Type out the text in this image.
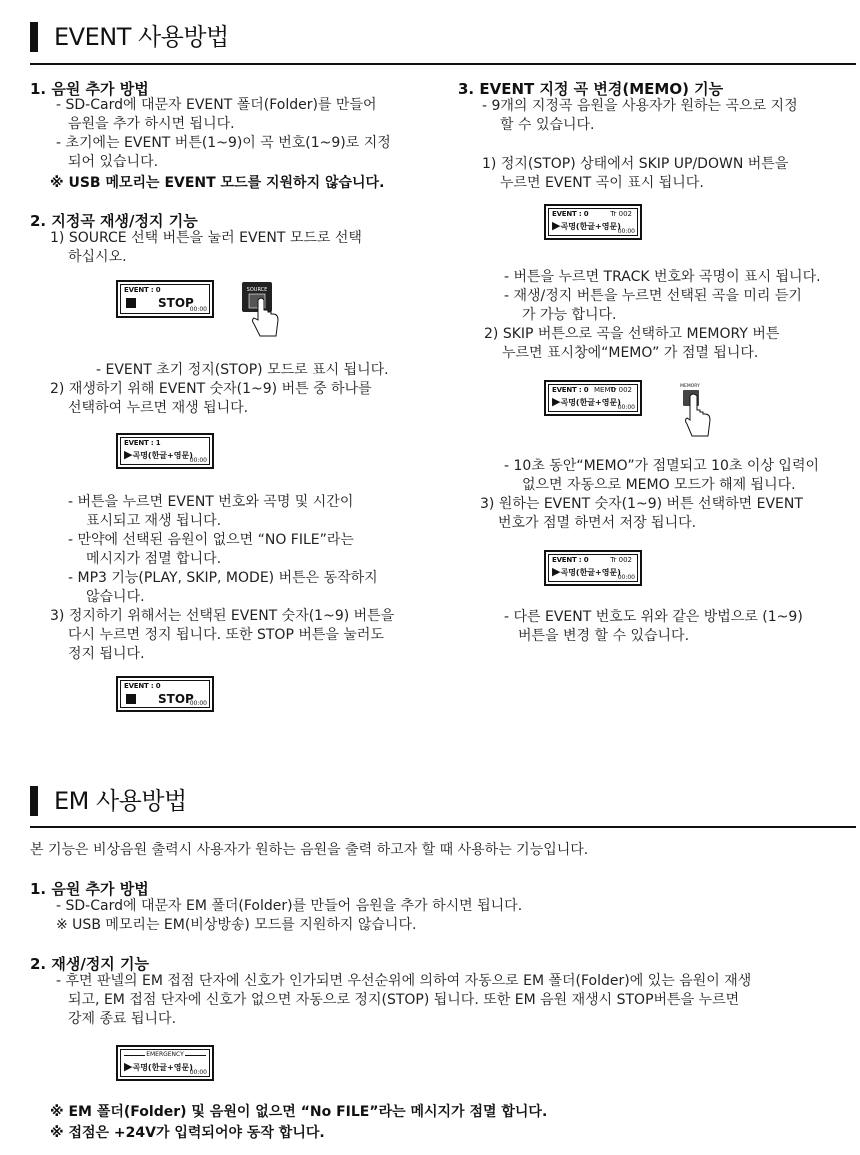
EVENT 사용방법
1. 음원 추가 방법
- SD-Card에 대문자 EVENT 폴더(Folder)를 만들어
음원을 추가 하시면 됩니다.
- 초기에는 EVENT 버튼(1~9)이 곡 번호(1~9)로 지정
되어 있습니다.
※ USB 메모리는 EVENT 모드를 지원하지 않습니다.
2. 지정곡 재생/정지 기능
1) SOURCE 선택 버튼을 눌러 EVENT 모드로 선택
하십시오.
EVENT : 0
STOP
00:00
SOURCE
- EVENT 초기 정지(STOP) 모드로 표시 됩니다.
2) 재생하기 위해 EVENT 숫자(1~9) 버튼 중 하나를
선택하여 누르면 재생 됩니다.
EVENT : 1
▶곡명(한글+영문)
00:00
- 버튼을 누르면 EVENT 번호와 곡명 및 시간이
표시되고 재생 됩니다.
- 만약에 선택된 음원이 없으면 “NO FILE”라는
메시지가 점멸 합니다.
- MP3 기능(PLAY, SKIP, MODE) 버튼은 동작하지
않습니다.
3) 정지하기 위해서는 선택된 EVENT 숫자(1~9) 버튼을
다시 누르면 정지 됩니다. 또한 STOP 버튼을 눌러도
정지 됩니다.
EVENT : 0
STOP
00:00
3. EVENT 지정 곡 변경(MEMO) 기능
- 9개의 지정곡 음원을 사용자가 원하는 곡으로 지정
할 수 있습니다.
1) 정지(STOP) 상태에서 SKIP UP/DOWN 버튼을
누르면 EVENT 곡이 표시 됩니다.
EVENT : 0	Tr 002
▶곡명(한글+영문)
00:00
- 버튼을 누르면 TRACK 번호와 곡명이 표시 됩니다.
- 재생/정지 버튼을 누르면 선택된 곡을 미리 듣기
가 가능 합니다.
2) SKIP 버튼으로 곡을 선택하고 MEMORY 버튼
누르면 표시창에“MEMO” 가 점멸 됩니다.
EVENT : 0 MEMO
Tr 002
▶곡명(한글+영문)
00:00
MEMORY
- 10초 동안“MEMO”가 점멸되고 10초 이상 입력이
없으면 자동으로 MEMO 모드가 해제 됩니다.
3) 원하는 EVENT 숫자(1~9) 버튼 선택하면 EVENT
번호가 점멸 하면서 저장 됩니다.
EVENT : 0	Tr 002
▶곡명(한글+영문)
00:00
- 다른 EVENT 번호도 위와 같은 방법으로 (1~9)
버튼을 변경 할 수 있습니다.
EM 사용방법
본 기능은 비상음원 출력시 사용자가 원하는 음원을 출력 하고자 할 때 사용하는 기능입니다.
1. 음원 추가 방법
- SD-Card에 대문자 EM 폴더(Folder)를 만들어 음원을 추가 하시면 됩니다.
※ USB 메모리는 EM(비상방송) 모드를 지원하지 않습니다.
2. 재생/정지 기능
- 후면 판넬의 EM 접점 단자에 신호가 인가되면 우선순위에 의하여 자동으로 EM 폴더(Folder)에 있는 음원이 재생
되고, EM 접점 단자에 신호가 없으면 자동으로 정지(STOP) 됩니다. 또한 EM 음원 재생시 STOP버튼을 누르면
강제 종료 됩니다.
EMERGENCY
▶곡명(한글+영문)
00:00
※ EM 폴더(Folder) 및 음원이 없으면 “No FILE”라는 메시지가 점멸 합니다.
※ 접점은 +24V가 입력되어야 동작 합니다.
